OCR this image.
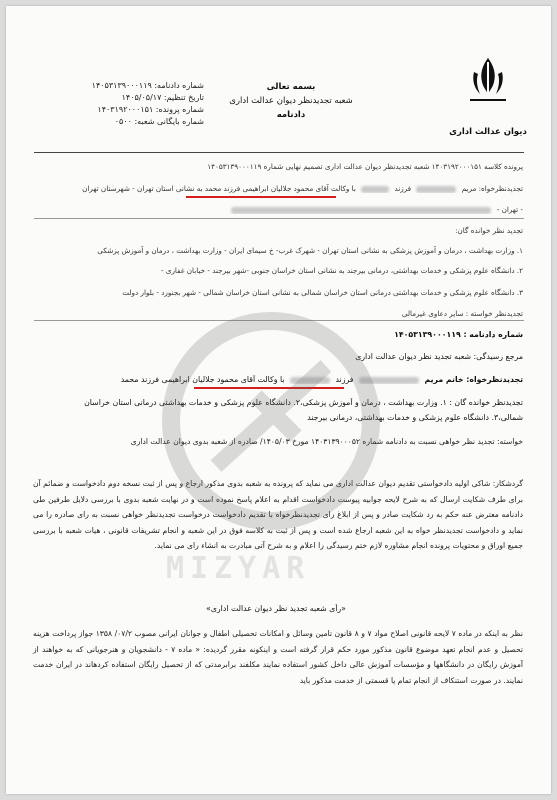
شماره دادنامه: ۱۴۰۵۳۱۳۹۰۰۰۱۱۹
تاریخ تنظیم: ۱۴۰۵/۰۵/۱۷
شماره پرونده: ۱۴۰۳۱۹۲۰۰۰۱۵۱
شماره بایگانی شعبه: ۰۵۰۰
بسمه تعالی
شعبه تجدیدنظر دیوان عدالت اداری
دادنامه
دیوان عدالت اداری
پرونده کلاسه ۱۴۰۳۱۹۲۰۰۰۱۵۱ شعبه تجدیدنظر دیوان عدالت اداری تصمیم نهایی شماره ۱۴۰۵۳۱۳۹۰۰۰۱۱۹
تجدیدنظرخواه: مریم  فرزند  با وکالت آقای محمود جلالیان ابراهیمی فرزند محمد به نشانی استان تهران - شهرستان تهران
- تهران -
تجدید نظر خوانده گان:
۱. وزارت بهداشت ، درمان و آموزش پزشکی به نشانی استان تهران - شهرک غرب- خ سیمای ایران - وزارت بهداشت ، درمان و آموزش پزشکی
۲. دانشگاه علوم پزشکی و خدمات بهداشتی، درمانی بیرجند به نشانی استان خراسان جنوبی -شهر بیرجند - خیابان غفاری -
۳. دانشگاه علوم پزشکی و خدمات بهداشتی درمانی استان خراسان شمالی به نشانی استان خراسان شمالی - شهر بجنورد - بلوار دولت
تجدیدنظر خواسته : سایر دعاوی غیرمالی
شماره دادنامه : ۱۴۰۵۳۱۳۹۰۰۰۱۱۹
مرجع رسیدگی: شعبه تجدید نظر دیوان عدالت اداری
تجدیدنظرخواه: خانم مریم  فرزند  با وکالت آقای محمود جلالیان ابراهیمی فرزند محمد
تجدیدنظر خوانده گان : ۱. وزارت بهداشت ، درمان و آموزش پزشکی،۲. دانشگاه علوم پزشکی و خدمات بهداشتی درمانی استان خراسان
شمالی،۳. دانشگاه علوم پزشکی و خدمات بهداشتی، درمانی بیرجند
خواسته: تجدید نظر خواهی نسبت به دادنامه شماره ۱۴۰۳۱۳۹۰۰۰۵۲ مورخ ۱۴۰۵/۰۳/ صادره از شعبه بدوی دیوان عدالت اداری
گردشکار: شاکی اولیه دادخواستی تقدیم دیوان عدالت اداری می نماید که پرونده به شعبه بدوی مذکور ارجاع و پس از ثبت نسخه دوم دادخواست و ضمائم آن برای طرف شکایت ارسال که به شرح لایحه جوابیه پیوست دادخواست اقدام به اعلام پاسخ نموده است و در نهایت شعبه بدوی با بررسی دلایل طرفین طی دادنامه معترض عنه حکم به رد شکایت صادر و پس از ابلاغ رای تجدیدنظرخواه با تقدیم دادخواست درخواست تجدیدنظر خواهی نسبت به رای صادره را می نماید و دادخواست تجدیدنظر خواه به این شعبه ارجاع شده است و پس از ثبت به کلاسه فوق در این شعبه و انجام تشریفات قانونی ، هیات شعبه با بررسی جمیع اوراق و محتویات پرونده انجام مشاوره لازم ختم رسیدگی را اعلام و به شرح آتی مبادرت به انشاء رای می نماید.
«رأی شعبه تجدید نظر دیوان عدالت اداری»
نظر به اینکه در ماده ۷ لایحه قانونی اصلاح مواد ۷ و ۸ قانون تامین وسائل و امکانات تحصیلی اطفال و جوانان ایرانی مصوب ۰۷/۲/ ۱۳۵۸ جواز پرداخت هزینه تحصیل و عدم انجام تعهد موضوع قانون مذکور مورد حکم قرار گرفته است و اینکونه مقرر گردیده: « ماده ۷ - دانشجویان و هنرجویانی که به خواهند از آموزش رایگان در دانشگاهها و مؤسسات آموزش عالی داخل کشور استفاده نمایند مکلفند برابرمدتی که از تحصیل رایگان استفاده کردهاند در ایران خدمت نمایند. در صورت استنکاف از انجام تمام یا قسمتی از خدمت مذکور باید
MIZYAR
